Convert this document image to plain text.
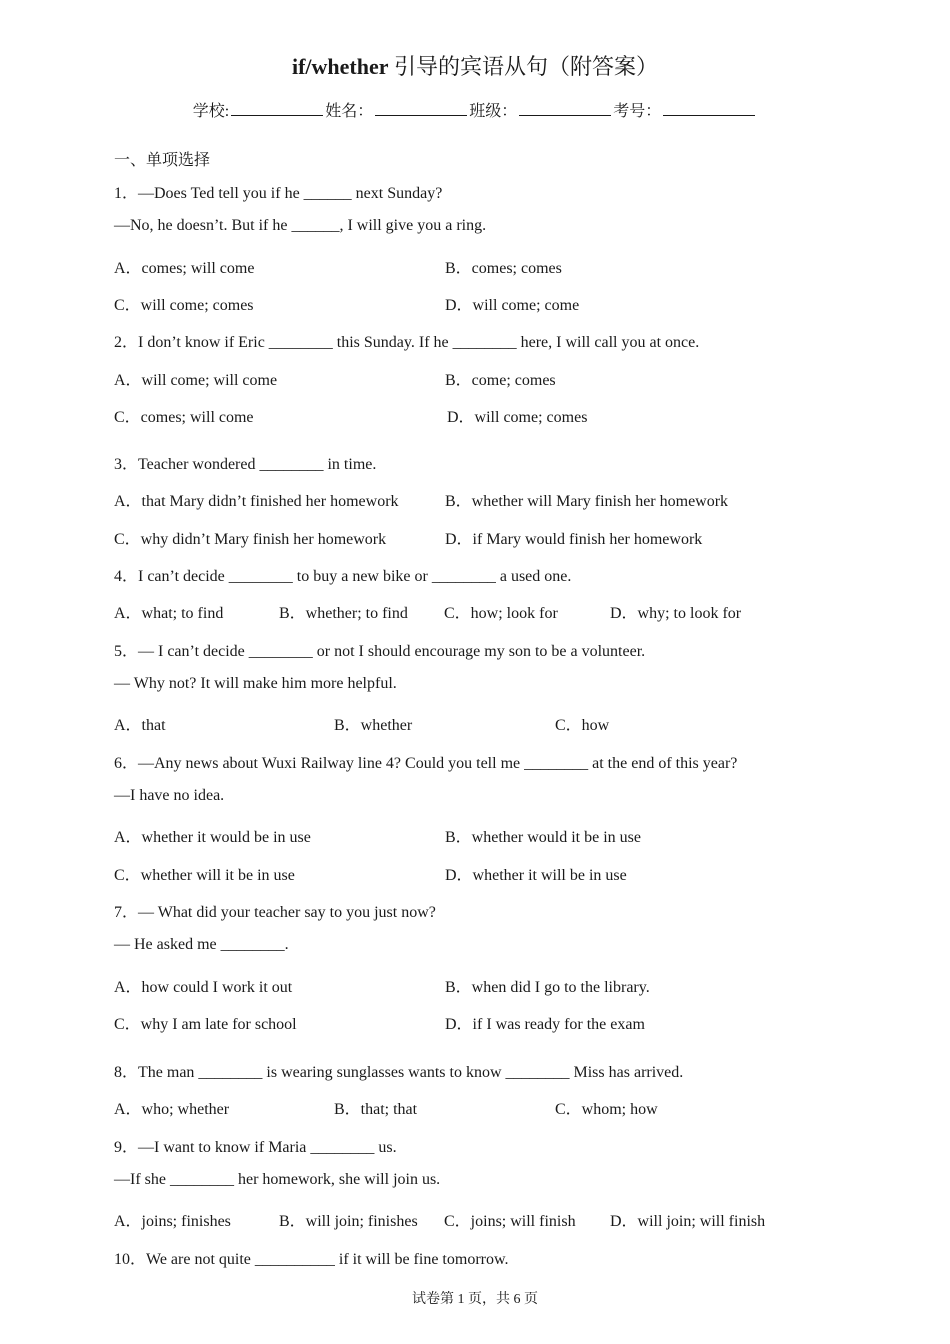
if/whether 引导的宾语从句（附答案）
学校:	姓名：	班级：	考号：
一、单项选择
1．—Does Ted tell you if he ______ next Sunday?
—No, he doesn’t. But if he ______, I will give you a ring.
A．comes; will come	B．comes; comes
C．will come; comes	D．will come; come
2．I don’t know if Eric ________ this Sunday. If he ________ here, I will call you at once.
A．will come; will come	B．come; comes
C．comes; will come	D．will come; comes
3．Teacher wondered ________ in time.
A．that Mary didn’t finished her homework	B．whether will Mary finish her homework
C．why didn’t Mary finish her homework	D．if Mary would finish her homework
4．I can’t decide ________ to buy a new bike or ________ a used one.
A．what; to find	B．whether; to find C．how; look for	D．why; to look for
5．— I can’t decide ________ or not I should encourage my son to be a volunteer.
— Why not? It will make him more helpful.
A．that	B．whether	C．how
6．—Any news about Wuxi Railway line 4? Could you tell me ________ at the end of this year?
—I have no idea.
A．whether it would be in use	B．whether would it be in use
C．whether will it be in use	D．whether it will be in use
7．— What did your teacher say to you just now?
— He asked me ________.
A．how could I work it out	B．when did I go to the library.
C．why I am late for school	D．if I was ready for the exam
8．The man ________ is wearing sunglasses wants to know ________ Miss has arrived.
A．who; whether	B．that; that	C．whom; how
9．—I want to know if Maria ________ us.
—If she ________ her homework, she will join us.
A．joins; finishes	B．will join; finishes C．joins; will finish D．will join; will finish
10．We are not quite __________ if it will be fine tomorrow.
试卷第 1 页，共 6 页
